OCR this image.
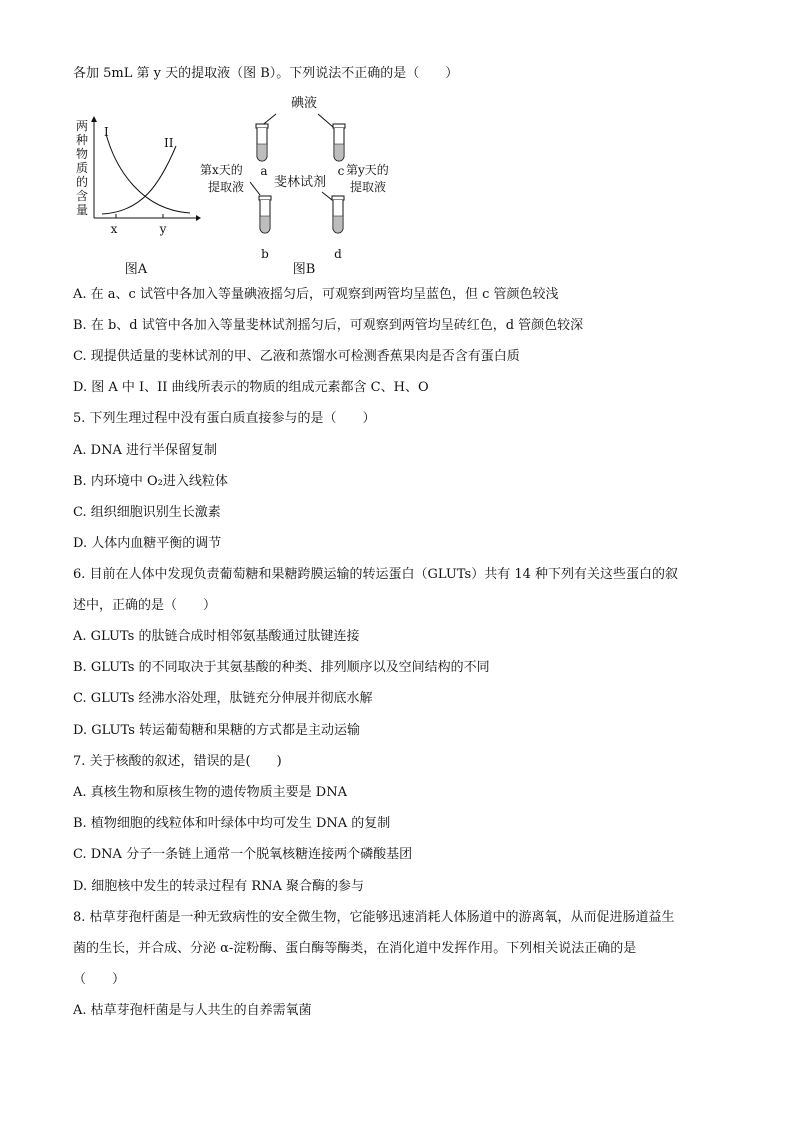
各加 5mL 第 y 天的提取液（图 B）。下列说法不正确的是（　　）
两
种
物
质
的
含
量
I
II
x	y
图A
碘液
a	c
第x天的
提取液
第y天的
提取液
斐林试剂
b	d
图B
A. 在 a、c 试管中各加入等量碘液摇匀后，可观察到两管均呈蓝色，但 c 管颜色较浅
B. 在 b、d 试管中各加入等量斐林试剂摇匀后，可观察到两管均呈砖红色，d 管颜色较深
C. 现提供适量的斐林试剂的甲、乙液和蒸馏水可检测香蕉果肉是否含有蛋白质
D. 图 A 中 I、II 曲线所表示的物质的组成元素都含 C、H、O
5. 下列生理过程中没有蛋白质直接参与的是（　　）
A. DNA 进行半保留复制
B. 内环境中 O₂进入线粒体
C. 组织细胞识别生长激素
D. 人体内血糖平衡的调节
6. 目前在人体中发现负责葡萄糖和果糖跨膜运输的转运蛋白（GLUTs）共有 14 种下列有关这些蛋白的叙
述中，正确的是（　　）
A. GLUTs 的肽链合成时相邻氨基酸通过肽键连接
B. GLUTs 的不同取决于其氨基酸的种类、排列顺序以及空间结构的不同
C. GLUTs 经沸水浴处理，肽链充分伸展并彻底水解
D. GLUTs 转运葡萄糖和果糖的方式都是主动运输
7. 关于核酸的叙述，错误的是(　　)
A. 真核生物和原核生物的遗传物质主要是 DNA
B. 植物细胞的线粒体和叶绿体中均可发生 DNA 的复制
C. DNA 分子一条链上通常一个脱氧核糖连接两个磷酸基团
D. 细胞核中发生的转录过程有 RNA 聚合酶的参与
8. 枯草芽孢杆菌是一种无致病性的安全微生物，它能够迅速消耗人体肠道中的游离氧，从而促进肠道益生
菌的生长，并合成、分泌 α-淀粉酶、蛋白酶等酶类，在消化道中发挥作用。下列相关说法正确的是
（　　）
A. 枯草芽孢杆菌是与人共生的自养需氧菌
